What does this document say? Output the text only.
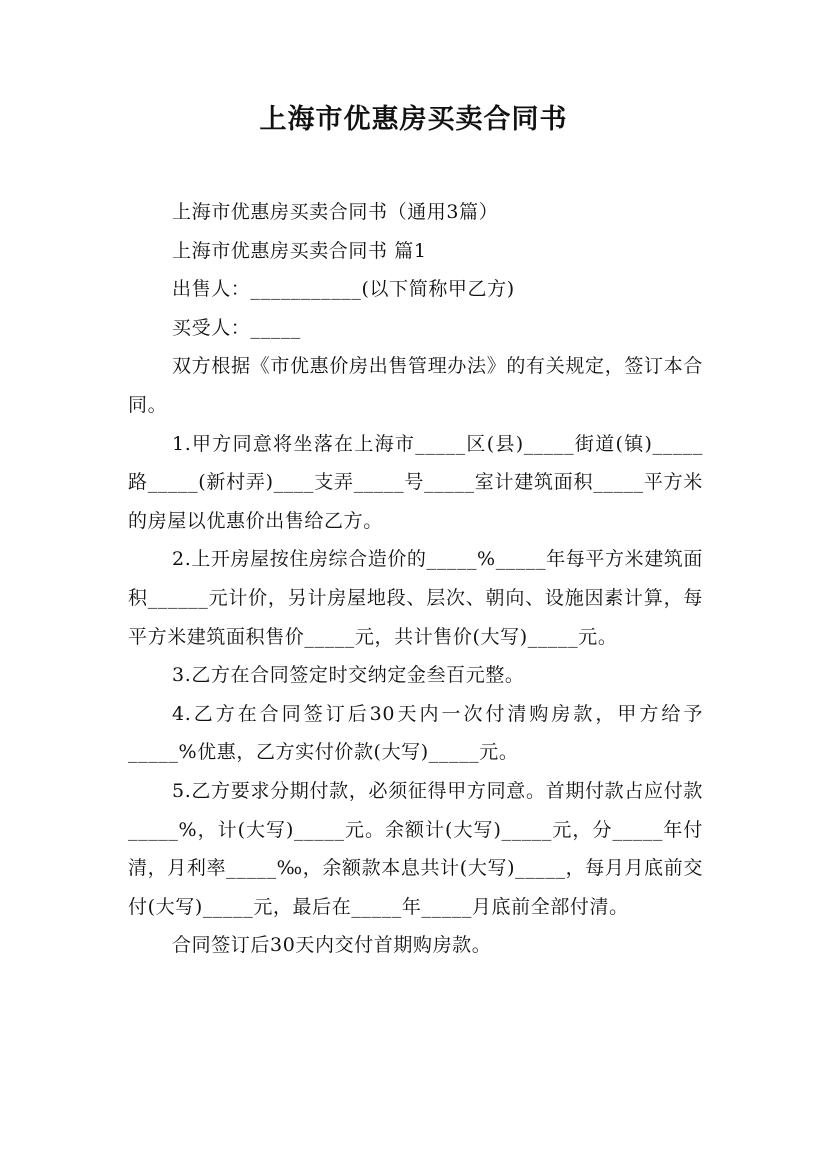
上海市优惠房买卖合同书

上海市优惠房买卖合同书（通用3篇）

上海市优惠房买卖合同书 篇1

出售人：___________(以下简称甲乙方)

买受人：_____

双方根据《市优惠价房出售管理办法》的有关规定，签订本合同。

1.甲方同意将坐落在上海市_____区(县)_____街道(镇)_____路_____(新村弄)____支弄_____号_____室计建筑面积_____平方米的房屋以优惠价出售给乙方。

2.上开房屋按住房综合造价的_____%_____年每平方米建筑面积______元计价，另计房屋地段、层次、朝向、设施因素计算，每平方米建筑面积售价_____元，共计售价(大写)_____元。

3.乙方在合同签定时交纳定金叁百元整。

4.乙方在合同签订后30天内一次付清购房款，甲方给予_____%优惠，乙方实付价款(大写)_____元。

5.乙方要求分期付款，必须征得甲方同意。首期付款占应付款_____%，计(大写)_____元。余额计(大写)_____元，分_____年付清，月利率_____‰，余额款本息共计(大写)_____，每月月底前交付(大写)_____元，最后在_____年_____月底前全部付清。

合同签订后30天内交付首期购房款。
